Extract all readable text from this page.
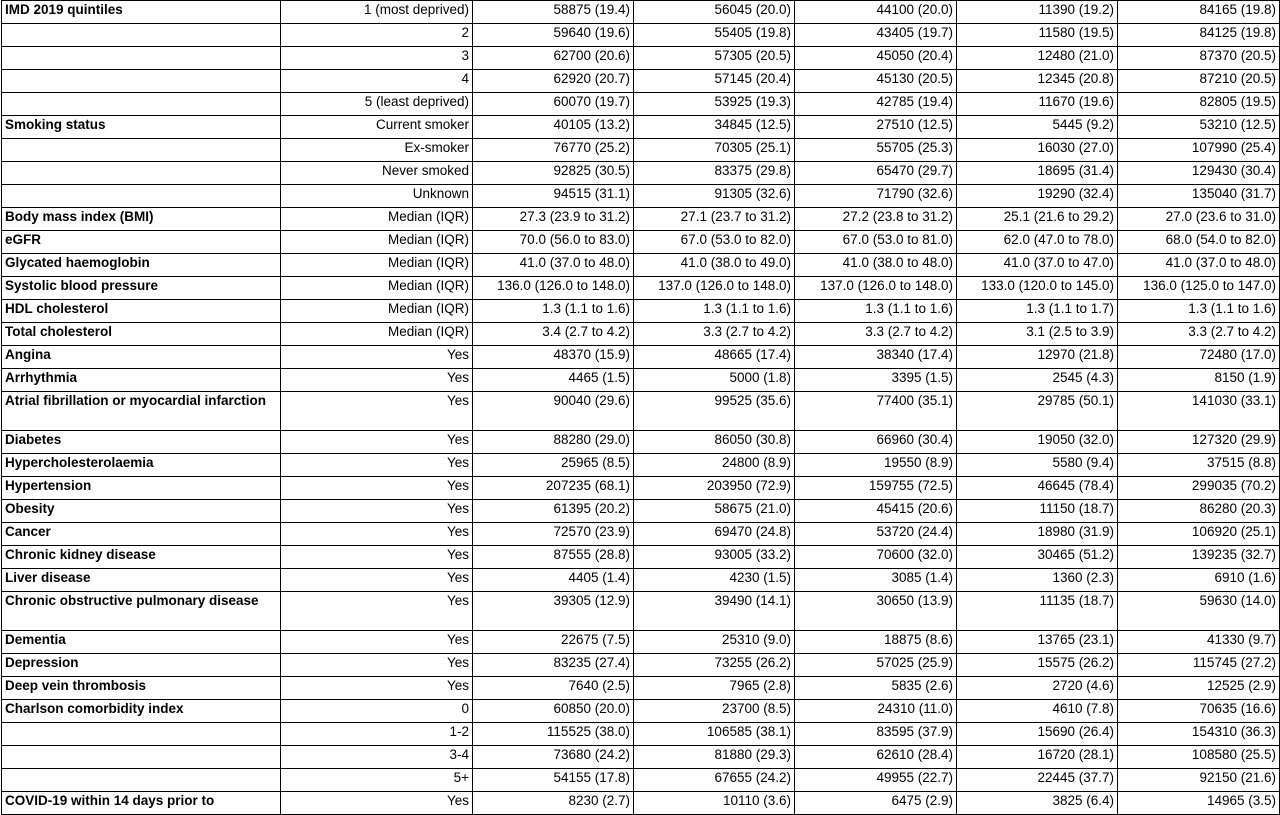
IMD 2019 quintiles	1 (most deprived)	58875 (19.4)	56045 (20.0)	44100 (20.0)	11390 (19.2)	84165 (19.8)
	2	59640 (19.6)	55405 (19.8)	43405 (19.7)	11580 (19.5)	84125 (19.8)
	3	62700 (20.6)	57305 (20.5)	45050 (20.4)	12480 (21.0)	87370 (20.5)
	4	62920 (20.7)	57145 (20.4)	45130 (20.5)	12345 (20.8)	87210 (20.5)
	5 (least deprived)	60070 (19.7)	53925 (19.3)	42785 (19.4)	11670 (19.6)	82805 (19.5)
Smoking status	Current smoker	40105 (13.2)	34845 (12.5)	27510 (12.5)	5445 (9.2)	53210 (12.5)
	Ex-smoker	76770 (25.2)	70305 (25.1)	55705 (25.3)	16030 (27.0)	107990 (25.4)
	Never smoked	92825 (30.5)	83375 (29.8)	65470 (29.7)	18695 (31.4)	129430 (30.4)
	Unknown	94515 (31.1)	91305 (32.6)	71790 (32.6)	19290 (32.4)	135040 (31.7)
Body mass index (BMI)	Median (IQR)	27.3 (23.9 to 31.2)	27.1 (23.7 to 31.2)	27.2 (23.8 to 31.2)	25.1 (21.6 to 29.2)	27.0 (23.6 to 31.0)
eGFR	Median (IQR)	70.0 (56.0 to 83.0)	67.0 (53.0 to 82.0)	67.0 (53.0 to 81.0)	62.0 (47.0 to 78.0)	68.0 (54.0 to 82.0)
Glycated haemoglobin	Median (IQR)	41.0 (37.0 to 48.0)	41.0 (38.0 to 49.0)	41.0 (38.0 to 48.0)	41.0 (37.0 to 47.0)	41.0 (37.0 to 48.0)
Systolic blood pressure	Median (IQR)	136.0 (126.0 to 148.0)	137.0 (126.0 to 148.0)	137.0 (126.0 to 148.0)	133.0 (120.0 to 145.0)	136.0 (125.0 to 147.0)
HDL cholesterol	Median (IQR)	1.3 (1.1 to 1.6)	1.3 (1.1 to 1.6)	1.3 (1.1 to 1.6)	1.3 (1.1 to 1.7)	1.3 (1.1 to 1.6)
Total cholesterol	Median (IQR)	3.4 (2.7 to 4.2)	3.3 (2.7 to 4.2)	3.3 (2.7 to 4.2)	3.1 (2.5 to 3.9)	3.3 (2.7 to 4.2)
Angina	Yes	48370 (15.9)	48665 (17.4)	38340 (17.4)	12970 (21.8)	72480 (17.0)
Arrhythmia	Yes	4465 (1.5)	5000 (1.8)	3395 (1.5)	2545 (4.3)	8150 (1.9)
Atrial fibrillation or myocardial infarction	Yes	90040 (29.6)	99525 (35.6)	77400 (35.1)	29785 (50.1)	141030 (33.1)
Diabetes	Yes	88280 (29.0)	86050 (30.8)	66960 (30.4)	19050 (32.0)	127320 (29.9)
Hypercholesterolaemia	Yes	25965 (8.5)	24800 (8.9)	19550 (8.9)	5580 (9.4)	37515 (8.8)
Hypertension	Yes	207235 (68.1)	203950 (72.9)	159755 (72.5)	46645 (78.4)	299035 (70.2)
Obesity	Yes	61395 (20.2)	58675 (21.0)	45415 (20.6)	11150 (18.7)	86280 (20.3)
Cancer	Yes	72570 (23.9)	69470 (24.8)	53720 (24.4)	18980 (31.9)	106920 (25.1)
Chronic kidney disease	Yes	87555 (28.8)	93005 (33.2)	70600 (32.0)	30465 (51.2)	139235 (32.7)
Liver disease	Yes	4405 (1.4)	4230 (1.5)	3085 (1.4)	1360 (2.3)	6910 (1.6)
Chronic obstructive pulmonary disease	Yes	39305 (12.9)	39490 (14.1)	30650 (13.9)	11135 (18.7)	59630 (14.0)
Dementia	Yes	22675 (7.5)	25310 (9.0)	18875 (8.6)	13765 (23.1)	41330 (9.7)
Depression	Yes	83235 (27.4)	73255 (26.2)	57025 (25.9)	15575 (26.2)	115745 (27.2)
Deep vein thrombosis	Yes	7640 (2.5)	7965 (2.8)	5835 (2.6)	2720 (4.6)	12525 (2.9)
Charlson comorbidity index	0	60850 (20.0)	23700 (8.5)	24310 (11.0)	4610 (7.8)	70635 (16.6)
	1-2	115525 (38.0)	106585 (38.1)	83595 (37.9)	15690 (26.4)	154310 (36.3)
	3-4	73680 (24.2)	81880 (29.3)	62610 (28.4)	16720 (28.1)	108580 (25.5)
	5+	54155 (17.8)	67655 (24.2)	49955 (22.7)	22445 (37.7)	92150 (21.6)
COVID-19 within 14 days prior to	Yes	8230 (2.7)	10110 (3.6)	6475 (2.9)	3825 (6.4)	14965 (3.5)
